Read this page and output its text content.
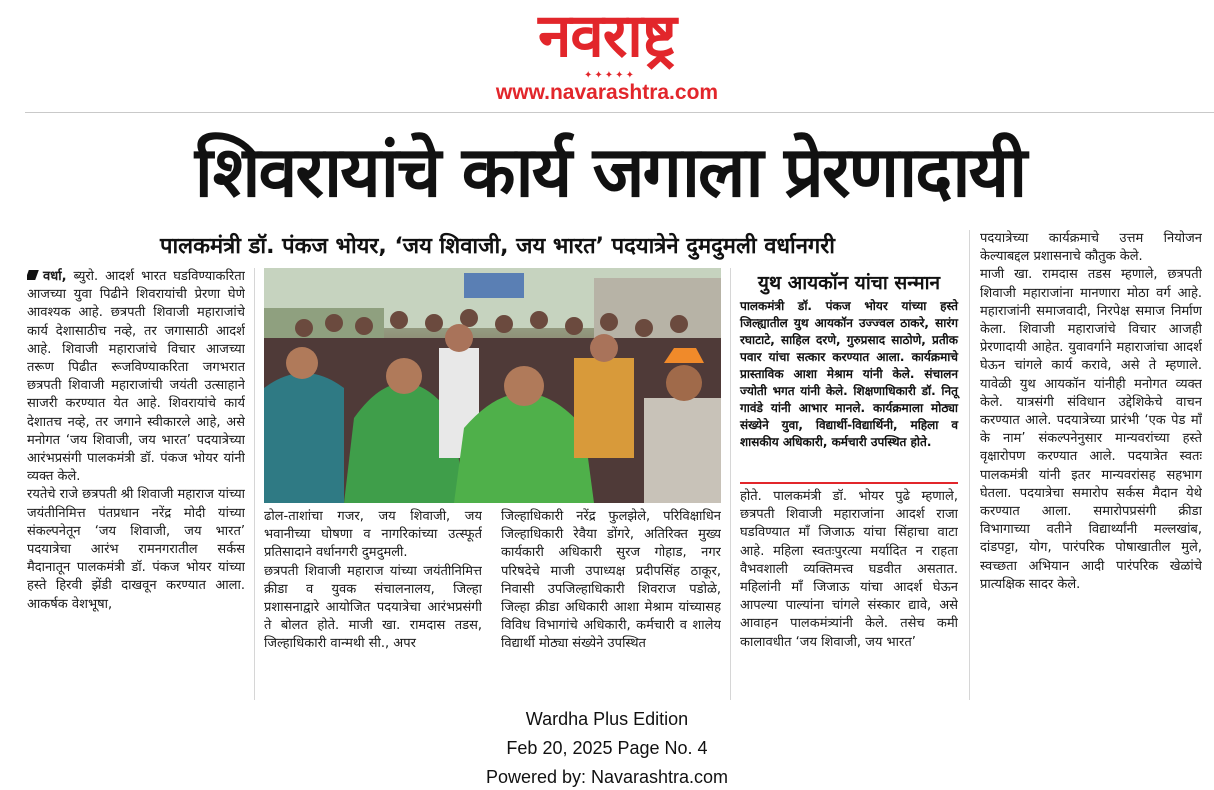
नवराष्ट्र
✦✦✦✦✦
www.navarashtra.com
शिवरायांचे कार्य जगाला प्रेरणादायी
पालकमंत्री डॉ. पंकज भोयर, ‘जय शिवाजी, जय भारत’ पदयात्रेने दुमदुमली वर्धानगरी

वर्धा, ब्युरो. आदर्श भारत घडविण्याकरिता आजच्या युवा पिढीने शिवरायांची प्रेरणा घेणे आवश्यक आहे. छत्रपती शिवाजी महाराजांचे कार्य देशासाठीच नव्हे, तर जगासाठी आदर्श आहे. शिवाजी महाराजांचे विचार आजच्या तरूण पिढीत रूजविण्याकरिता जगभरात छत्रपती शिवाजी महाराजांची जयंती उत्साहाने साजरी करण्यात येत आहे. शिवरायांचे कार्य देशातच नव्हे, तर जगाने स्वीकारले आहे, असे मनोगत ‘जय शिवाजी, जय भारत’ पदयात्रेच्या आरंभप्रसंगी पालकमंत्री डॉ. पंकज भोयर यांनी व्यक्त केले.

रयतेचे राजे छत्रपती श्री शिवाजी महाराज यांच्या जयंतीनिमित्त पंतप्रधान नरेंद्र मोदी यांच्या संकल्पनेतून ‘जय शिवाजी, जय भारत’ पदयात्रेचा आरंभ रामनगरातील सर्कस मैदानातून पालकमंत्री डॉ. पंकज भोयर यांच्या हस्ते हिरवी झेंडी दाखवून करण्यात आला. आकर्षक वेशभूषा,

ढोल-ताशांचा गजर, जय शिवाजी, जय भवानीच्या घोषणा व नागरिकांच्या उत्स्फूर्त प्रतिसादाने वर्धानगरी दुमदुमली.

छत्रपती शिवाजी महाराज यांच्या जयंतीनिमित्त क्रीडा व युवक संचालनालय, जिल्हा प्रशासनाद्वारे आयोजित पदयात्रेचा आरंभप्रसंगी ते बोलत होते. माजी खा. रामदास तडस, जिल्हाधिकारी वान्मथी सी., अपर

जिल्हाधिकारी नरेंद्र फुलझेले, परिविक्षाधिन जिल्हाधिकारी रेवैया डोंगरे, अतिरिक्त मुख्य कार्यकारी अधिकारी सुरज गोहाड, नगर परिषदेचे माजी उपाध्यक्ष प्रदीपसिंह ठाकूर, निवासी उपजिल्हाधिकारी शिवराज पडोळे, जिल्हा क्रीडा अधिकारी आशा मेश्राम यांच्यासह विविध विभागांचे अधिकारी, कर्मचारी व शालेय विद्यार्थी मोठ्या संख्येने उपस्थित

युथ आयकॉन यांचा सन्मान
पालकमंत्री डॉ. पंकज भोयर यांच्या हस्ते जिल्ह्यातील युथ आयकॉन उज्ज्वल ठाकरे, सारंग रघाटाटे, साहिल दरणे, गुरुप्रसाद साठोणे, प्रतीक पवार यांचा सत्कार करण्यात आला. कार्यक्रमाचे प्रास्ताविक आशा मेश्राम यांनी केले. संचालन ज्योती भगत यांनी केले. शिक्षणाधिकारी डॉ. नितू गावंडे यांनी आभार मानले. कार्यक्रमाला मोठ्या संख्येने युवा, विद्यार्थी-विद्यार्थिनी, महिला व शासकीय अधिकारी, कर्मचारी उपस्थित होते.

होते. पालकमंत्री डॉ. भोयर पुढे म्हणाले, छत्रपती शिवाजी महाराजांना आदर्श राजा घडविण्यात माँ जिजाऊ यांचा सिंहाचा वाटा आहे. महिला स्वतःपुरत्या मर्यादित न राहता वैभवशाली व्यक्तिमत्त्व घडवीत असतात. महिलांनी माँ जिजाऊ यांचा आदर्श घेऊन आपल्या पाल्यांना चांगले संस्कार द्यावे, असे आवाहन पालकमंत्र्यांनी केले. तसेच कमी कालावधीत ‘जय शिवाजी, जय भारत’

पदयात्रेच्या कार्यक्रमाचे उत्तम नियोजन केल्याबद्दल प्रशासनाचे कौतुक केले.

माजी खा. रामदास तडस म्हणाले, छत्रपती शिवाजी महाराजांना मानणारा मोठा वर्ग आहे. महाराजांनी समाजवादी, निरपेक्ष समाज निर्माण केला. शिवाजी महाराजांचे विचार आजही प्रेरणादायी आहेत. युवावर्गाने महाराजांचा आदर्श घेऊन चांगले कार्य करावे, असे ते म्हणाले. यावेळी युथ आयकॉन यांनीही मनोगत व्यक्त केले. यात्रसंगी संविधान उद्देशिकेचे वाचन करण्यात आले. पदयात्रेच्या प्रारंभी ‘एक पेड माँ के नाम’ संकल्पनेनुसार मान्यवरांच्या हस्ते वृक्षारोपण करण्यात आले. पदयात्रेत स्वतः पालकमंत्री यांनी इतर मान्यवरांसह सहभाग घेतला. पदयात्रेचा समारोप सर्कस मैदान येथे करण्यात आला. समारोपप्रसंगी क्रीडा विभागाच्या वतीने विद्यार्थ्यांनी मल्लखांब, दांडपट्टा, योग, पारंपरिक पोषाखातील मुले, स्वच्छता अभियान आदी पारंपरिक खेळांचे प्रात्यक्षिक सादर केले.

Wardha Plus Edition
Feb 20, 2025 Page No. 4
Powered by: Navarashtra.com
